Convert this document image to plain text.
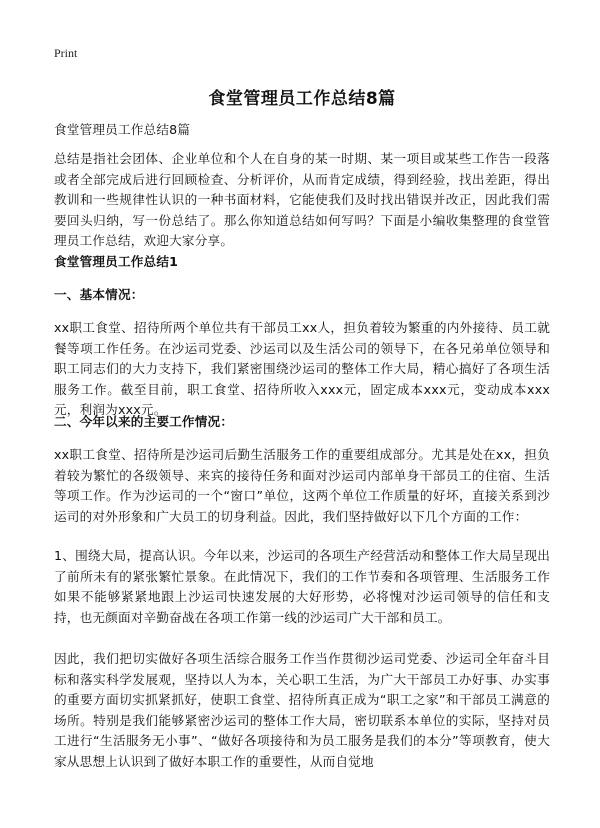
Print
食堂管理员工作总结8篇

食堂管理员工作总结8篇

总结是指社会团体、企业单位和个人在自身的某一时期、某一项目或某些工作告一段落或者全部完成后进行回顾检查、分析评价，从而肯定成绩，得到经验，找出差距，得出教训和一些规律性认识的一种书面材料，它能使我们及时找出错误并改正，因此我们需要回头归纳，写一份总结了。那么你知道总结如何写吗？下面是小编收集整理的食堂管理员工作总结，欢迎大家分享。

食堂管理员工作总结1

一、基本情况：

xx职工食堂、招待所两个单位共有干部员工xx人，担负着较为繁重的内外接待、员工就餐等项工作任务。在沙运司党委、沙运司以及生活公司的领导下，在各兄弟单位领导和职工同志们的大力支持下，我们紧密围绕沙运司的整体工作大局，精心搞好了各项生活服务工作。截至目前，职工食堂、招待所收入xxx元，固定成本xxx元，变动成本xxx元，利润为xxx元。

二、今年以来的主要工作情况：

xx职工食堂、招待所是沙运司后勤生活服务工作的重要组成部分。尤其是处在xx，担负着较为繁忙的各级领导、来宾的接待任务和面对沙运司内部单身干部员工的住宿、生活等项工作。作为沙运司的一个“窗口”单位，这两个单位工作质量的好坏，直接关系到沙运司的对外形象和广大员工的切身利益。因此，我们坚持做好以下几个方面的工作：

1、围绕大局，提高认识。今年以来，沙运司的各项生产经营活动和整体工作大局呈现出了前所未有的紧张繁忙景象。在此情况下，我们的工作节奏和各项管理、生活服务工作如果不能够紧紧地跟上沙运司快速发展的大好形势，必将愧对沙运司领导的信任和支持，也无颜面对辛勤奋战在各项工作第一线的沙运司广大干部和员工。

因此，我们把切实做好各项生活综合服务工作当作贯彻沙运司党委、沙运司全年奋斗目标和落实科学发展观，坚持以人为本，关心职工生活，为广大干部员工办好事、办实事的重要方面切实抓紧抓好，使职工食堂、招待所真正成为“职工之家”和干部员工满意的场所。特别是我们能够紧密沙运司的整体工作大局，密切联系本单位的实际，坚持对员工进行“生活服务无小事”、“做好各项接待和为员工服务是我们的本分”等项教育，使大家从思想上认识到了做好本职工作的重要性，从而自觉地
